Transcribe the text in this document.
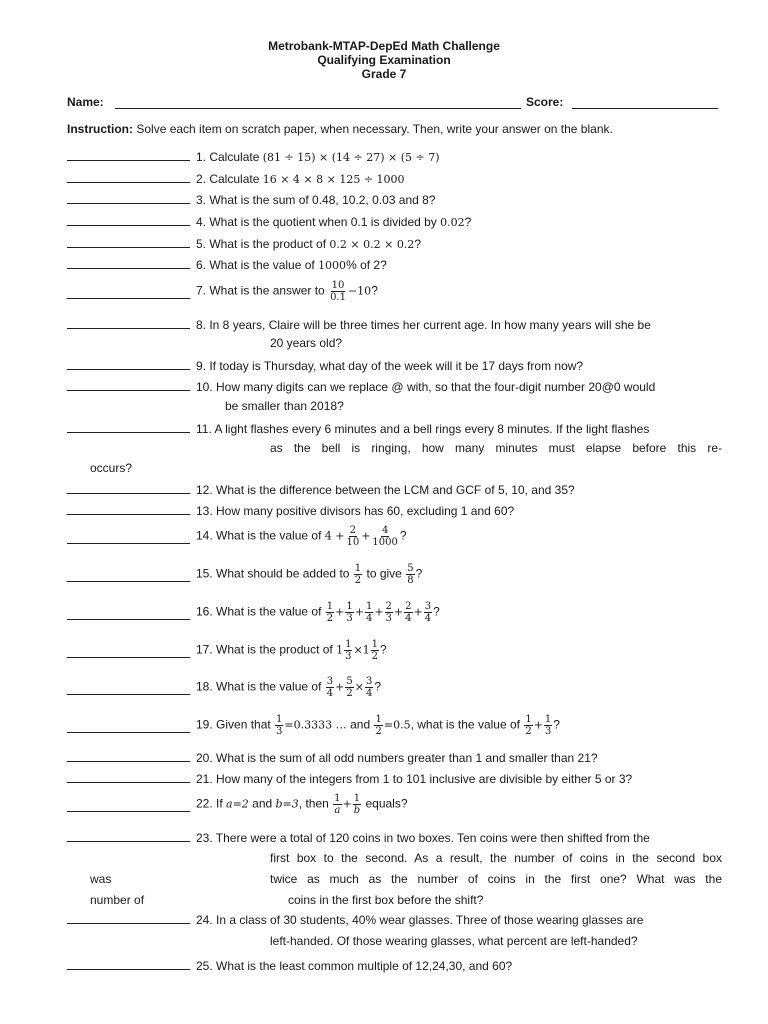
Metrobank-MTAP-DepEd Math Challenge
Qualifying Examination
Grade 7
Name:	Score:
Instruction: Solve each item on scratch paper, when necessary. Then, write your answer on the blank.
1. Calculate (81 ÷ 15) × (14 ÷ 27) × (5 ÷ 7)
2. Calculate 16 × 4 × 8 × 125 ÷ 1000
3. What is the sum of 0.48, 10.2, 0.03 and 8?
4. What is the quotient when 0.1 is divided by 0.02?
5. What is the product of 0.2 × 0.2 × 0.2?
6. What is the value of 1000% of 2?
7. What is the answer to $\frac{10}{0.1} -10$?
8. In 8 years, Claire will be three times her current age. In how many years will she be
20 years old?
9. If today is Thursday, what day of the week will it be 17 days from now?
10. How many digits can we replace @ with, so that the four-digit number 20@0 would
be smaller than 2018?
11. A light flashes every 6 minutes and a bell rings every 8 minutes. If the light flashes
as the bell is ringing, how many minutes must elapse before this re-
occurs?
12. What is the difference between the LCM and GCF of 5, 10, and 35?
13. How many positive divisors has 60, excluding 1 and 60?
14. What is the value of $4 + \frac{2}{10} + \frac{4}{1000}$ ?
15. What should be added to $\frac{1}{2}$ to give $\frac{5}{8}$ ?
16. What is the value of $\frac{1}{2} + \frac{1}{3} + \frac{1}{4} + \frac{2}{3} + \frac{2}{4} + \frac{3}{4}$ ?
17. What is the product of $1 \frac{1}{3} \times 1 \frac{1}{2}$ ?
18. What is the value of $\frac{3}{4} + \frac{5}{2} \times \frac{3}{4}$ ?
19. Given that $\frac{1}{3} =0.3333$ … and $\frac{1}{2} =0.5$, what is the value of $\frac{1}{2} + \frac{1}{3}$ ?
20. What is the sum of all odd numbers greater than 1 and smaller than 21?
21. How many of the integers from 1 to 101 inclusive are divisible by either 5 or 3?
22. If a=2 and b=3, then $\frac{1}{a} + \frac{1}{b}$ equals?
23. There were a total of 120 coins in two boxes. Ten coins were then shifted from the
first box to the second. As a result, the number of coins in the second box
was	twice as much as the number of coins in the first one? What was the
number of	coins in the first box before the shift?
24. In a class of 30 students, 40% wear glasses. Three of those wearing glasses are
left-handed. Of those wearing glasses, what percent are left-handed?
25. What is the least common multiple of 12,24,30, and 60?
